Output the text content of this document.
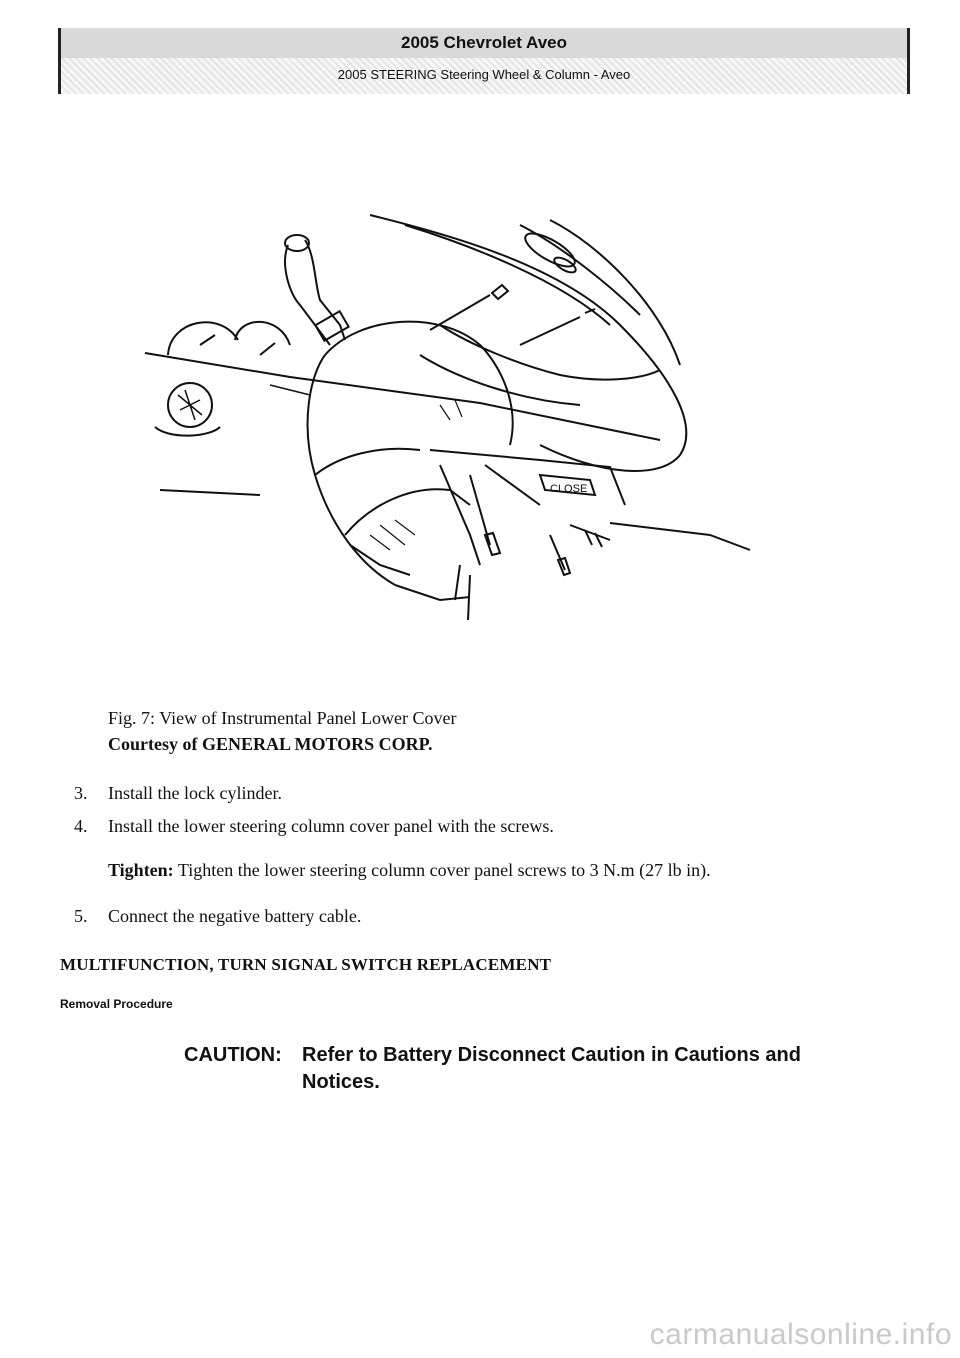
2005 Chevrolet Aveo
2005 STEERING Steering Wheel & Column - Aveo
CLOSE
Fig. 7: View of Instrumental Panel Lower Cover
Courtesy of GENERAL MOTORS CORP.
3. Install the lock cylinder.
4. Install the lower steering column cover panel with the screws.
Tighten: Tighten the lower steering column cover panel screws to 3 N.m (27 lb in).
5. Connect the negative battery cable.
MULTIFUNCTION, TURN SIGNAL SWITCH REPLACEMENT
Removal Procedure
CAUTION: Refer to Battery Disconnect Caution in Cautions and
Notices.
carmanualsonline.info
